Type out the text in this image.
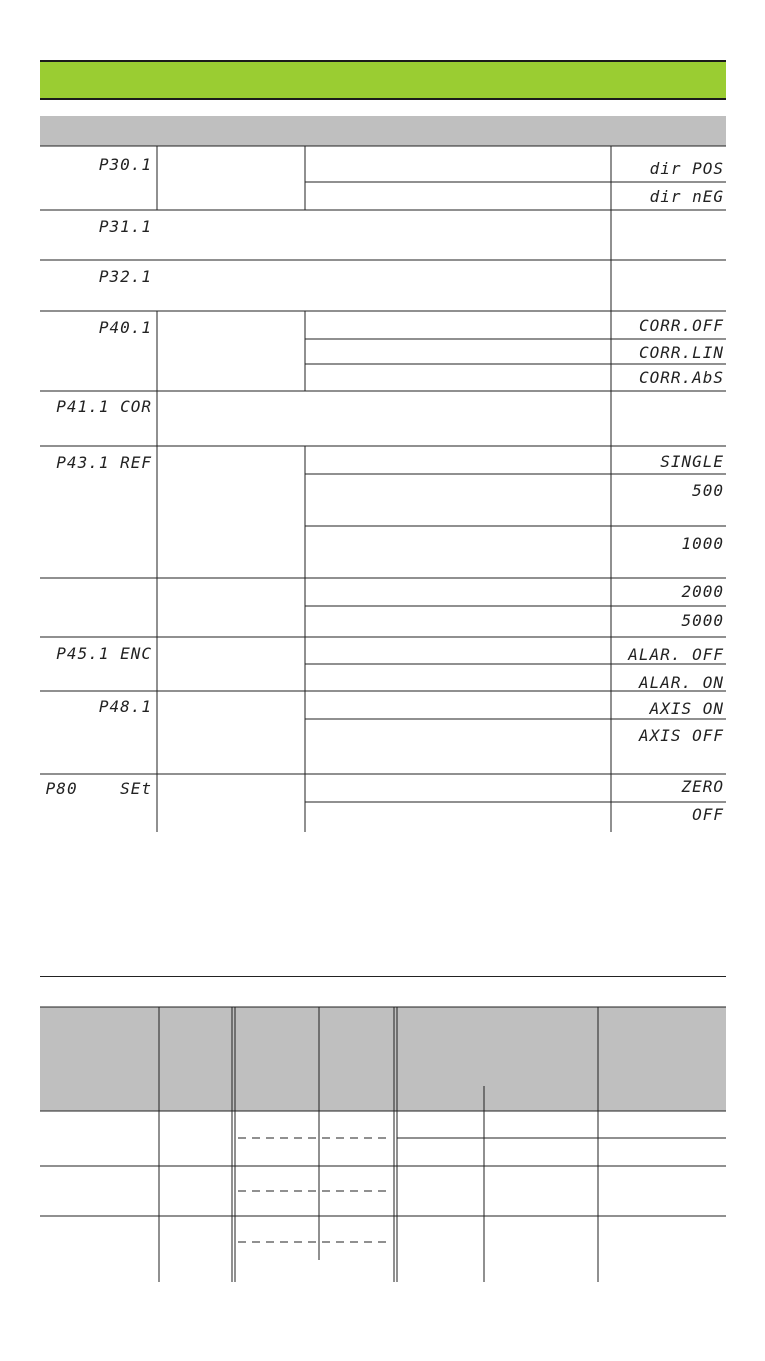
P30.1	dir POS
dir nEG
P31.1
P32.1
P40.1	CORR.OFF
CORR.LIN
CORR.AbS
P41.1 COR
P43.1 REF	SINGLE
500
1000
2000
5000
P45.1 ENC	ALAR. OFF
ALAR. ON
P48.1	AXIS ON
AXIS OFF
P80    SEt	ZERO
OFF
